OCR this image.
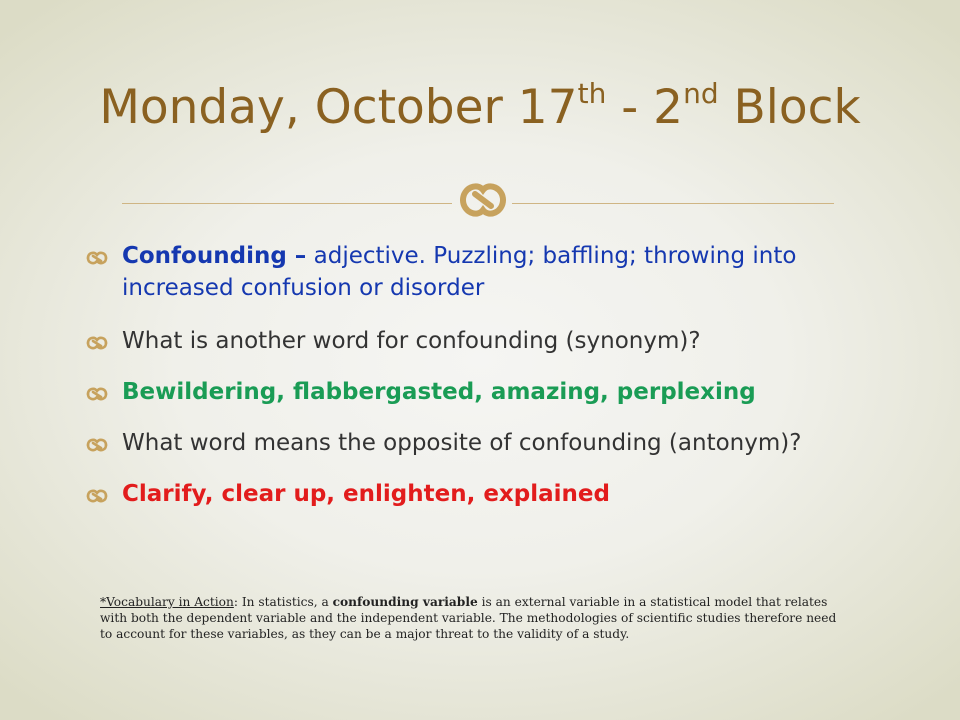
Monday, October 17th - 2nd Block
Confounding – adjective. Puzzling; baffling; throwing into increased confusion or disorder
What is another word for confounding (synonym)?
Bewildering, flabbergasted, amazing, perplexing
What word means the opposite of confounding (antonym)?
Clarify, clear up, enlighten, explained
*Vocabulary in Action: In statistics, a confounding variable is an external variable in a statistical model that relates with both the dependent variable and the independent variable. The methodologies of scientific studies therefore need to account for these variables, as they can be a major threat to the validity of a study.
